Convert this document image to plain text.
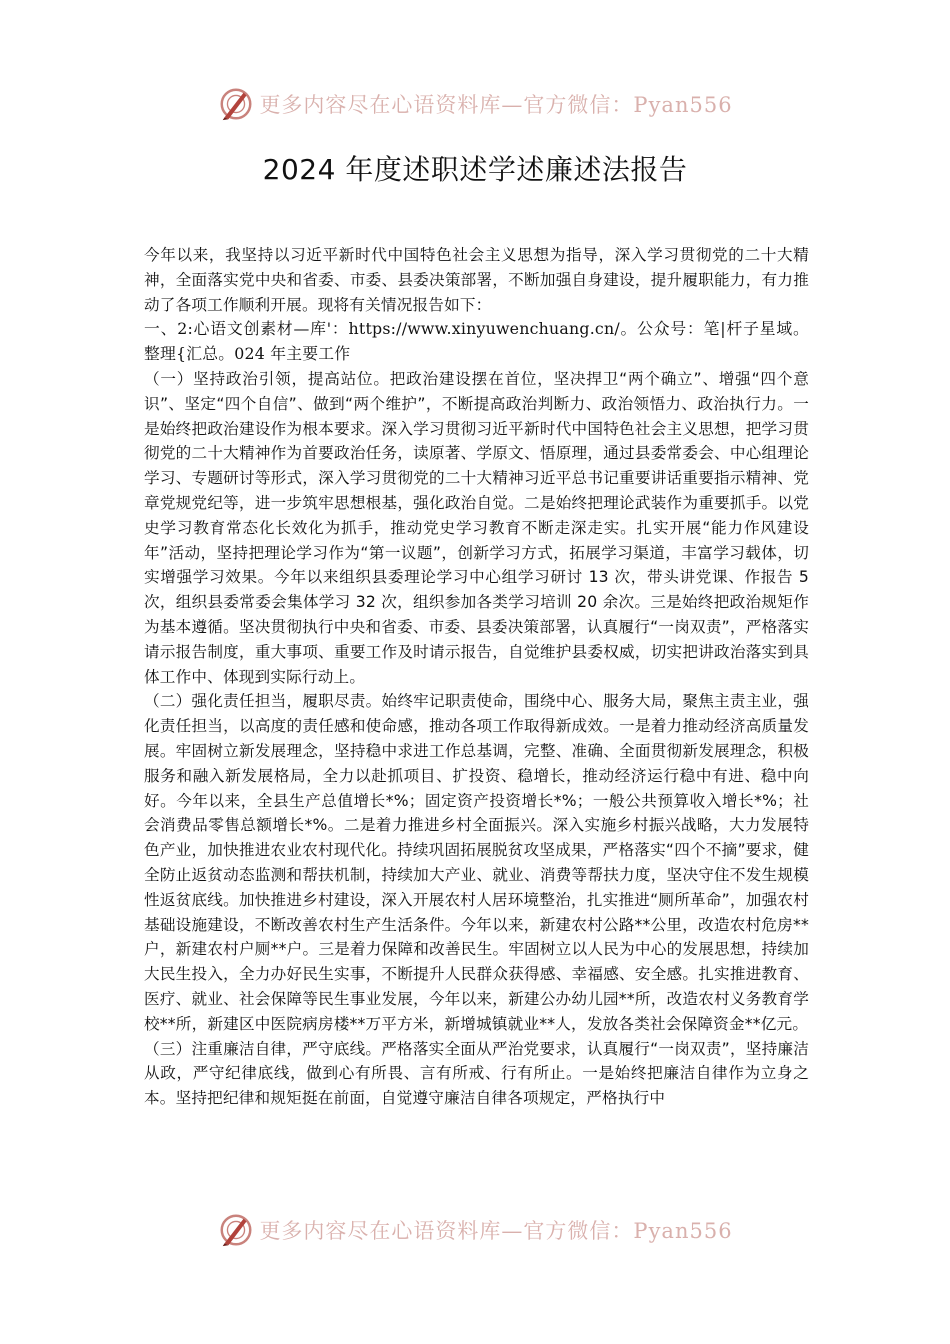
更多内容尽在心语资料库—官方微信：Pyan556
2024 年度述职述学述廉述法报告

今年以来，我坚持以习近平新时代中国特色社会主义思想为指导，深入学习贯彻党的二十大精神，全面落实党中央和省委、市委、县委决策部署，不断加强自身建设，提升履职能力，有力推动了各项工作顺利开展。现将有关情况报告如下：

一、2:心语文创素材—库'：https://www.xinyuwenchuang.cn/。公众号：笔|杆子星域。整理{汇总。024 年主要工作

（一）坚持政治引领，提高站位。把政治建设摆在首位，坚决捍卫“两个确立”、增强“四个意识”、坚定“四个自信”、做到“两个维护”，不断提高政治判断力、政治领悟力、政治执行力。一是始终把政治建设作为根本要求。深入学习贯彻习近平新时代中国特色社会主义思想，把学习贯彻党的二十大精神作为首要政治任务，读原著、学原文、悟原理，通过县委常委会、中心组理论学习、专题研讨等形式，深入学习贯彻党的二十大精神习近平总书记重要讲话重要指示精神、党章党规党纪等，进一步筑牢思想根基，强化政治自觉。二是始终把理论武装作为重要抓手。以党史学习教育常态化长效化为抓手，推动党史学习教育不断走深走实。扎实开展“能力作风建设年”活动，坚持把理论学习作为“第一议题”，创新学习方式，拓展学习渠道，丰富学习载体，切实增强学习效果。今年以来组织县委理论学习中心组学习研讨 13 次，带头讲党课、作报告 5 次，组织县委常委会集体学习 32 次，组织参加各类学习培训 20 余次。三是始终把政治规矩作为基本遵循。坚决贯彻执行中央和省委、市委、县委决策部署，认真履行“一岗双责”，严格落实请示报告制度，重大事项、重要工作及时请示报告，自觉维护县委权威，切实把讲政治落实到具体工作中、体现到实际行动上。

（二）强化责任担当，履职尽责。始终牢记职责使命，围绕中心、服务大局，聚焦主责主业，强化责任担当，以高度的责任感和使命感，推动各项工作取得新成效。一是着力推动经济高质量发展。牢固树立新发展理念，坚持稳中求进工作总基调，完整、准确、全面贯彻新发展理念，积极服务和融入新发展格局，全力以赴抓项目、扩投资、稳增长，推动经济运行稳中有进、稳中向好。今年以来，全县生产总值增长*%；固定资产投资增长*%；一般公共预算收入增长*%；社会消费品零售总额增长*%。二是着力推进乡村全面振兴。深入实施乡村振兴战略，大力发展特色产业，加快推进农业农村现代化。持续巩固拓展脱贫攻坚成果，严格落实“四个不摘”要求，健全防止返贫动态监测和帮扶机制，持续加大产业、就业、消费等帮扶力度，坚决守住不发生规模性返贫底线。加快推进乡村建设，深入开展农村人居环境整治，扎实推进“厕所革命”，加强农村基础设施建设，不断改善农村生产生活条件。今年以来，新建农村公路**公里，改造农村危房**户，新建农村户厕**户。三是着力保障和改善民生。牢固树立以人民为中心的发展思想，持续加大民生投入，全力办好民生实事，不断提升人民群众获得感、幸福感、安全感。扎实推进教育、医疗、就业、社会保障等民生事业发展，今年以来，新建公办幼儿园**所，改造农村义务教育学校**所，新建区中医院病房楼**万平方米，新增城镇就业**人，发放各类社会保障资金**亿元。

（三）注重廉洁自律，严守底线。严格落实全面从严治党要求，认真履行“一岗双责”，坚持廉洁从政，严守纪律底线，做到心有所畏、言有所戒、行有所止。一是始终把廉洁自律作为立身之本。坚持把纪律和规矩挺在前面，自觉遵守廉洁自律各项规定，严格执行中

更多内容尽在心语资料库—官方微信：Pyan556
